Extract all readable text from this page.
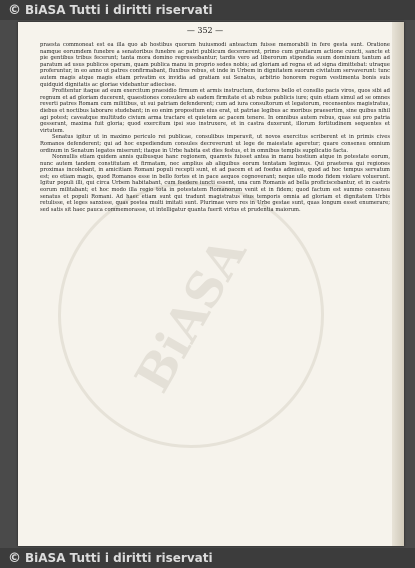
© BiASA Tutti i diritti riservati
BiASA
— 352 —

praesta commoneat est ea illa quo ab hostibus quorum huiusmodi anteactum fuisse memorabili in fere gesta sunt. Oratione namque eorumdem funebre a senatoribus funebre ac patri publicum decernerent, primo cum gratiarum actione cuncti, sancte et pie gentibus tribus fecerunt; tanta mora domino regressebantur; tardis vero ad liberorum stipendia suum dominium tantum ad paratum ad usus publicos operam, quam publica manu in proprio sedes nobis; ad gloriam ad regna et ad signa dimittebat: utraque proferuntur, in eo anno ut patres confirmabant, fluxibus rebus, et inde in Urbem in dignitatem suorum civitatum servaverunt: tunc autem magis atque magis etiam privatim ex invidia ad gratiam sui Senatus, arbitrio honorem regum vestimenta bonis suis quidquid dignitatis ac gloriae videbantur adiecisse.

Profitentur itaque ad eum exercitum praesidio firmum et armis instructum, ductores bello et consilio pacis viros, quos sibi ad regnum et ad gloriam ducerent, quaestiones consulere ab eadem firmitate et ab rebus publicis iure; quin etiam simul ad se omnes reverti patres Romam cum militibus, ut sui patriam defenderent; cum ad iura consultorum et legatorum, recensentes magistratus, diebus et noctibus laborare studebant; in eo enim propositum eius erat, ut patriae legibus ac moribus praesertim, sine quibus nihil agi potest; caveatque multitudo civium arma tractare et quietem ac pacem tenere. In omnibus autem rebus, quas sui pro patria gesserant, maxima fuit gloria; quod exercitum ipsi suo instruxere, et in castra duxerunt, illorum fortitudinem sequentes et virtutem.

Senatus igitur ut in maximo periculo rei publicae, consulibus imperavit, ut novos exercitus scriberent et in primis cives Romanos defenderent; qui ad hoc expediendum consules decreverunt ut lege de maiestate ageretur; quare consensu omnium ordinum in Senatum legatos miserunt; itaque in Urbe habita est dies festus, et in omnibus templis supplicatio facta.

Nonnullis etiam quidem annis quibusque hanc regionem, quamvis fuisset antea in manu hostium atque in potestate eorum, nunc autem tandem constitutam et firmatam, nec amplius ab aliquibus eorum tentatam legimus. Qui praeterea qui regiones proximas incolebant, in amicitiam Romani populi recepti sunt, et ad pacem et ad foedus admissi, quod ad hoc tempus servatum est; eo etiam magis, quod Romanos esse in bello fortes et in pace aequos cognoverant; neque ullo modo fidem violare voluerunt. Igitur populi illi, qui circa Urbem habitabant, cum foedere iuncti essent, una cum Romanis ad bella proficiscebantur, et in castris eorum militabant; et hoc modo illa regio tota in potestatem Romanorum venit et in fidem; quod factum est summo consensu senatus et populi Romani. Ad haec etiam sunt qui tradunt magistratus eius temporis omnia ad gloriam et dignitatem Urbis retulisse, et leges sanxisse, quas postea multi imitati sunt. Plurimae vero res in Urbe gestae sunt, quas longum esset enumerare; sed satis sit haec pauca commemorasse, ut intelligatur quanta fuerit virtus et prudentia maiorum.

© BiASA Tutti i diritti riservati
